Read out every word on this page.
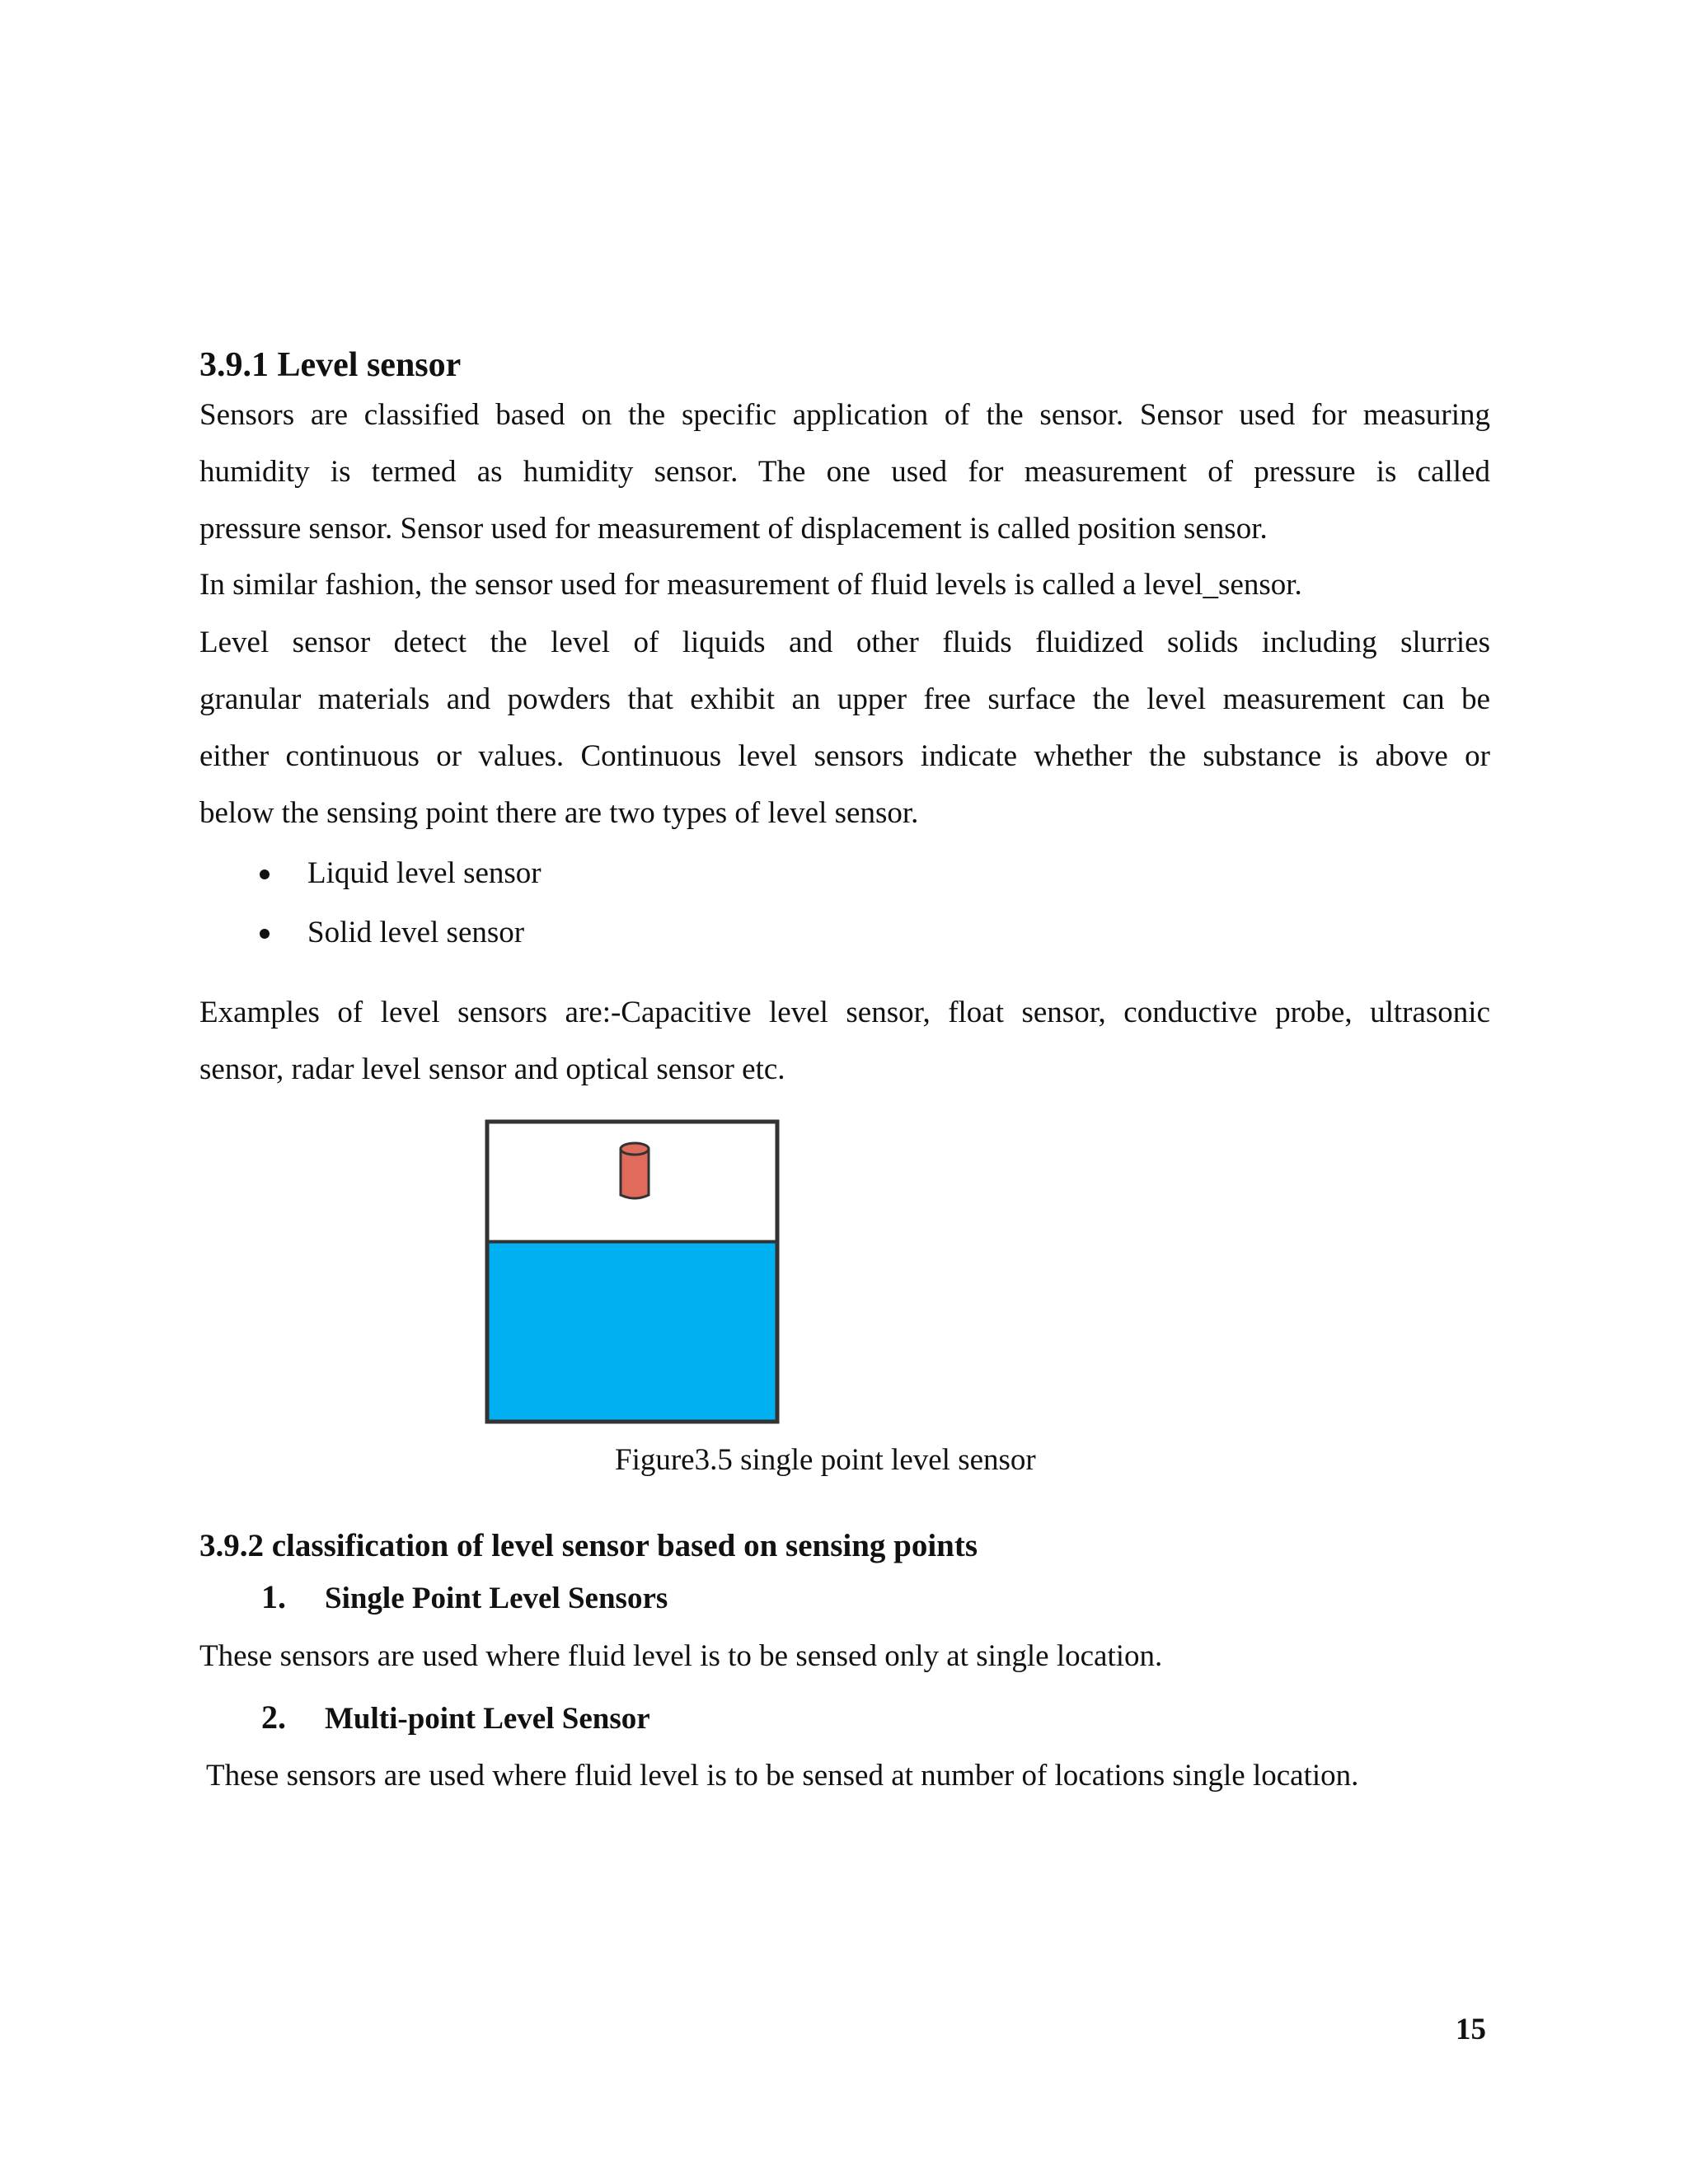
3.9.1 Level sensor
Sensors are classified based on the specific application of the sensor. Sensor used for measuring
humidity is termed as humidity sensor. The one used for measurement of pressure is called
pressure sensor. Sensor used for measurement of displacement is called position sensor.

In similar fashion, the sensor used for measurement of fluid levels is called a level_sensor.

Level sensor detect the level of liquids and other fluids fluidized solids including slurries
granular materials and powders that exhibit an upper free surface the level measurement can be
either continuous or values. Continuous level sensors indicate whether the substance is above or
below the sensing point there are two types of level sensor.

Liquid level sensor

Solid level sensor

Examples of level sensors are:-Capacitive level sensor, float sensor, conductive probe, ultrasonic
sensor, radar level sensor and optical sensor etc.

Figure3.5 single point level sensor

3.9.2 classification of level sensor based on sensing points
1. Single Point Level Sensors

These sensors are used where fluid level is to be sensed only at single location.

2. Multi-point Level Sensor

These sensors are used where fluid level is to be sensed at number of locations single location.

15
